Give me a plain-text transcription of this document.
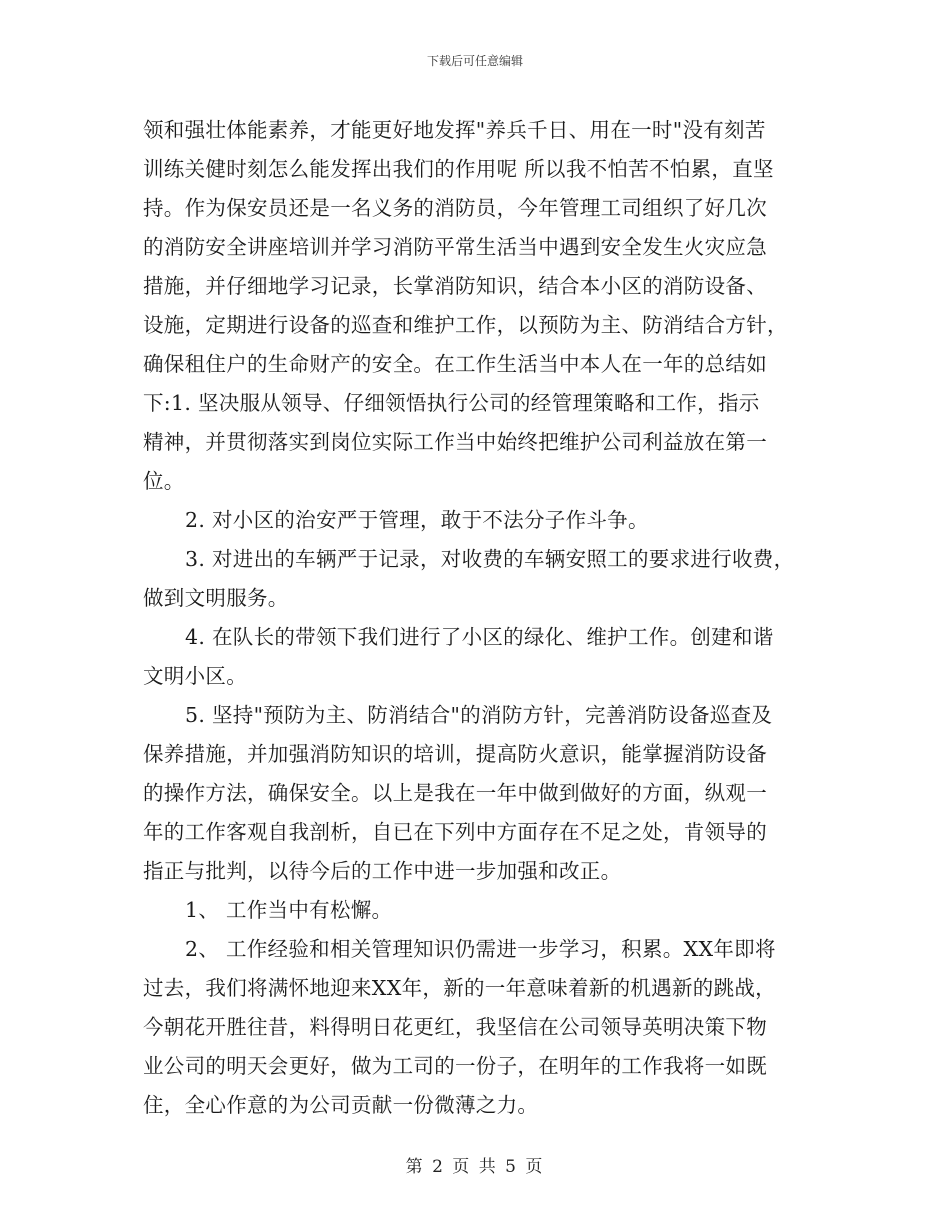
下载后可任意编辑
领和强壮体能素养，才能更好地发挥"养兵千日、用在一时"没有刻苦
训练关健时刻怎么能发挥出我们的作用呢 所以我不怕苦不怕累，直坚
持。作为保安员还是一名义务的消防员，今年管理工司组织了好几次
的消防安全讲座培训并学习消防平常生活当中遇到安全发生火灾应急
措施，并仔细地学习记录，长掌消防知识，结合本小区的消防设备、
设施，定期进行设备的巡查和维护工作，以预防为主、防消结合方针，
确保租住户的生命财产的安全。在工作生活当中本人在一年的总结如
下:1. 坚决服从领导、仔细领悟执行公司的经管理策略和工作，指示
精神，并贯彻落实到岗位实际工作当中始终把维护公司利益放在第一
位。
2. 对小区的治安严于管理，敢于不法分子作斗争。
3. 对进出的车辆严于记录，对收费的车辆安照工的要求进行收费，
做到文明服务。
4. 在队长的带领下我们进行了小区的绿化、维护工作。创建和谐
文明小区。
5. 坚持"预防为主、防消结合"的消防方针，完善消防设备巡查及
保养措施，并加强消防知识的培训，提高防火意识，能掌握消防设备
的操作方法，确保安全。以上是我在一年中做到做好的方面，纵观一
年的工作客观自我剖析，自已在下列中方面存在不足之处，肯领导的
指正与批判，以待今后的工作中进一步加强和改正。
1、 工作当中有松懈。
2、 工作经验和相关管理知识仍需进一步学习，积累。XX年即将
过去，我们将满怀地迎来XX年，新的一年意味着新的机遇新的跳战，
今朝花开胜往昔，料得明日花更红，我坚信在公司领导英明决策下物
业公司的明天会更好，做为工司的一份子，在明年的工作我将一如既
住，全心作意的为公司贡献一份微薄之力。
第 2 页 共 5 页
